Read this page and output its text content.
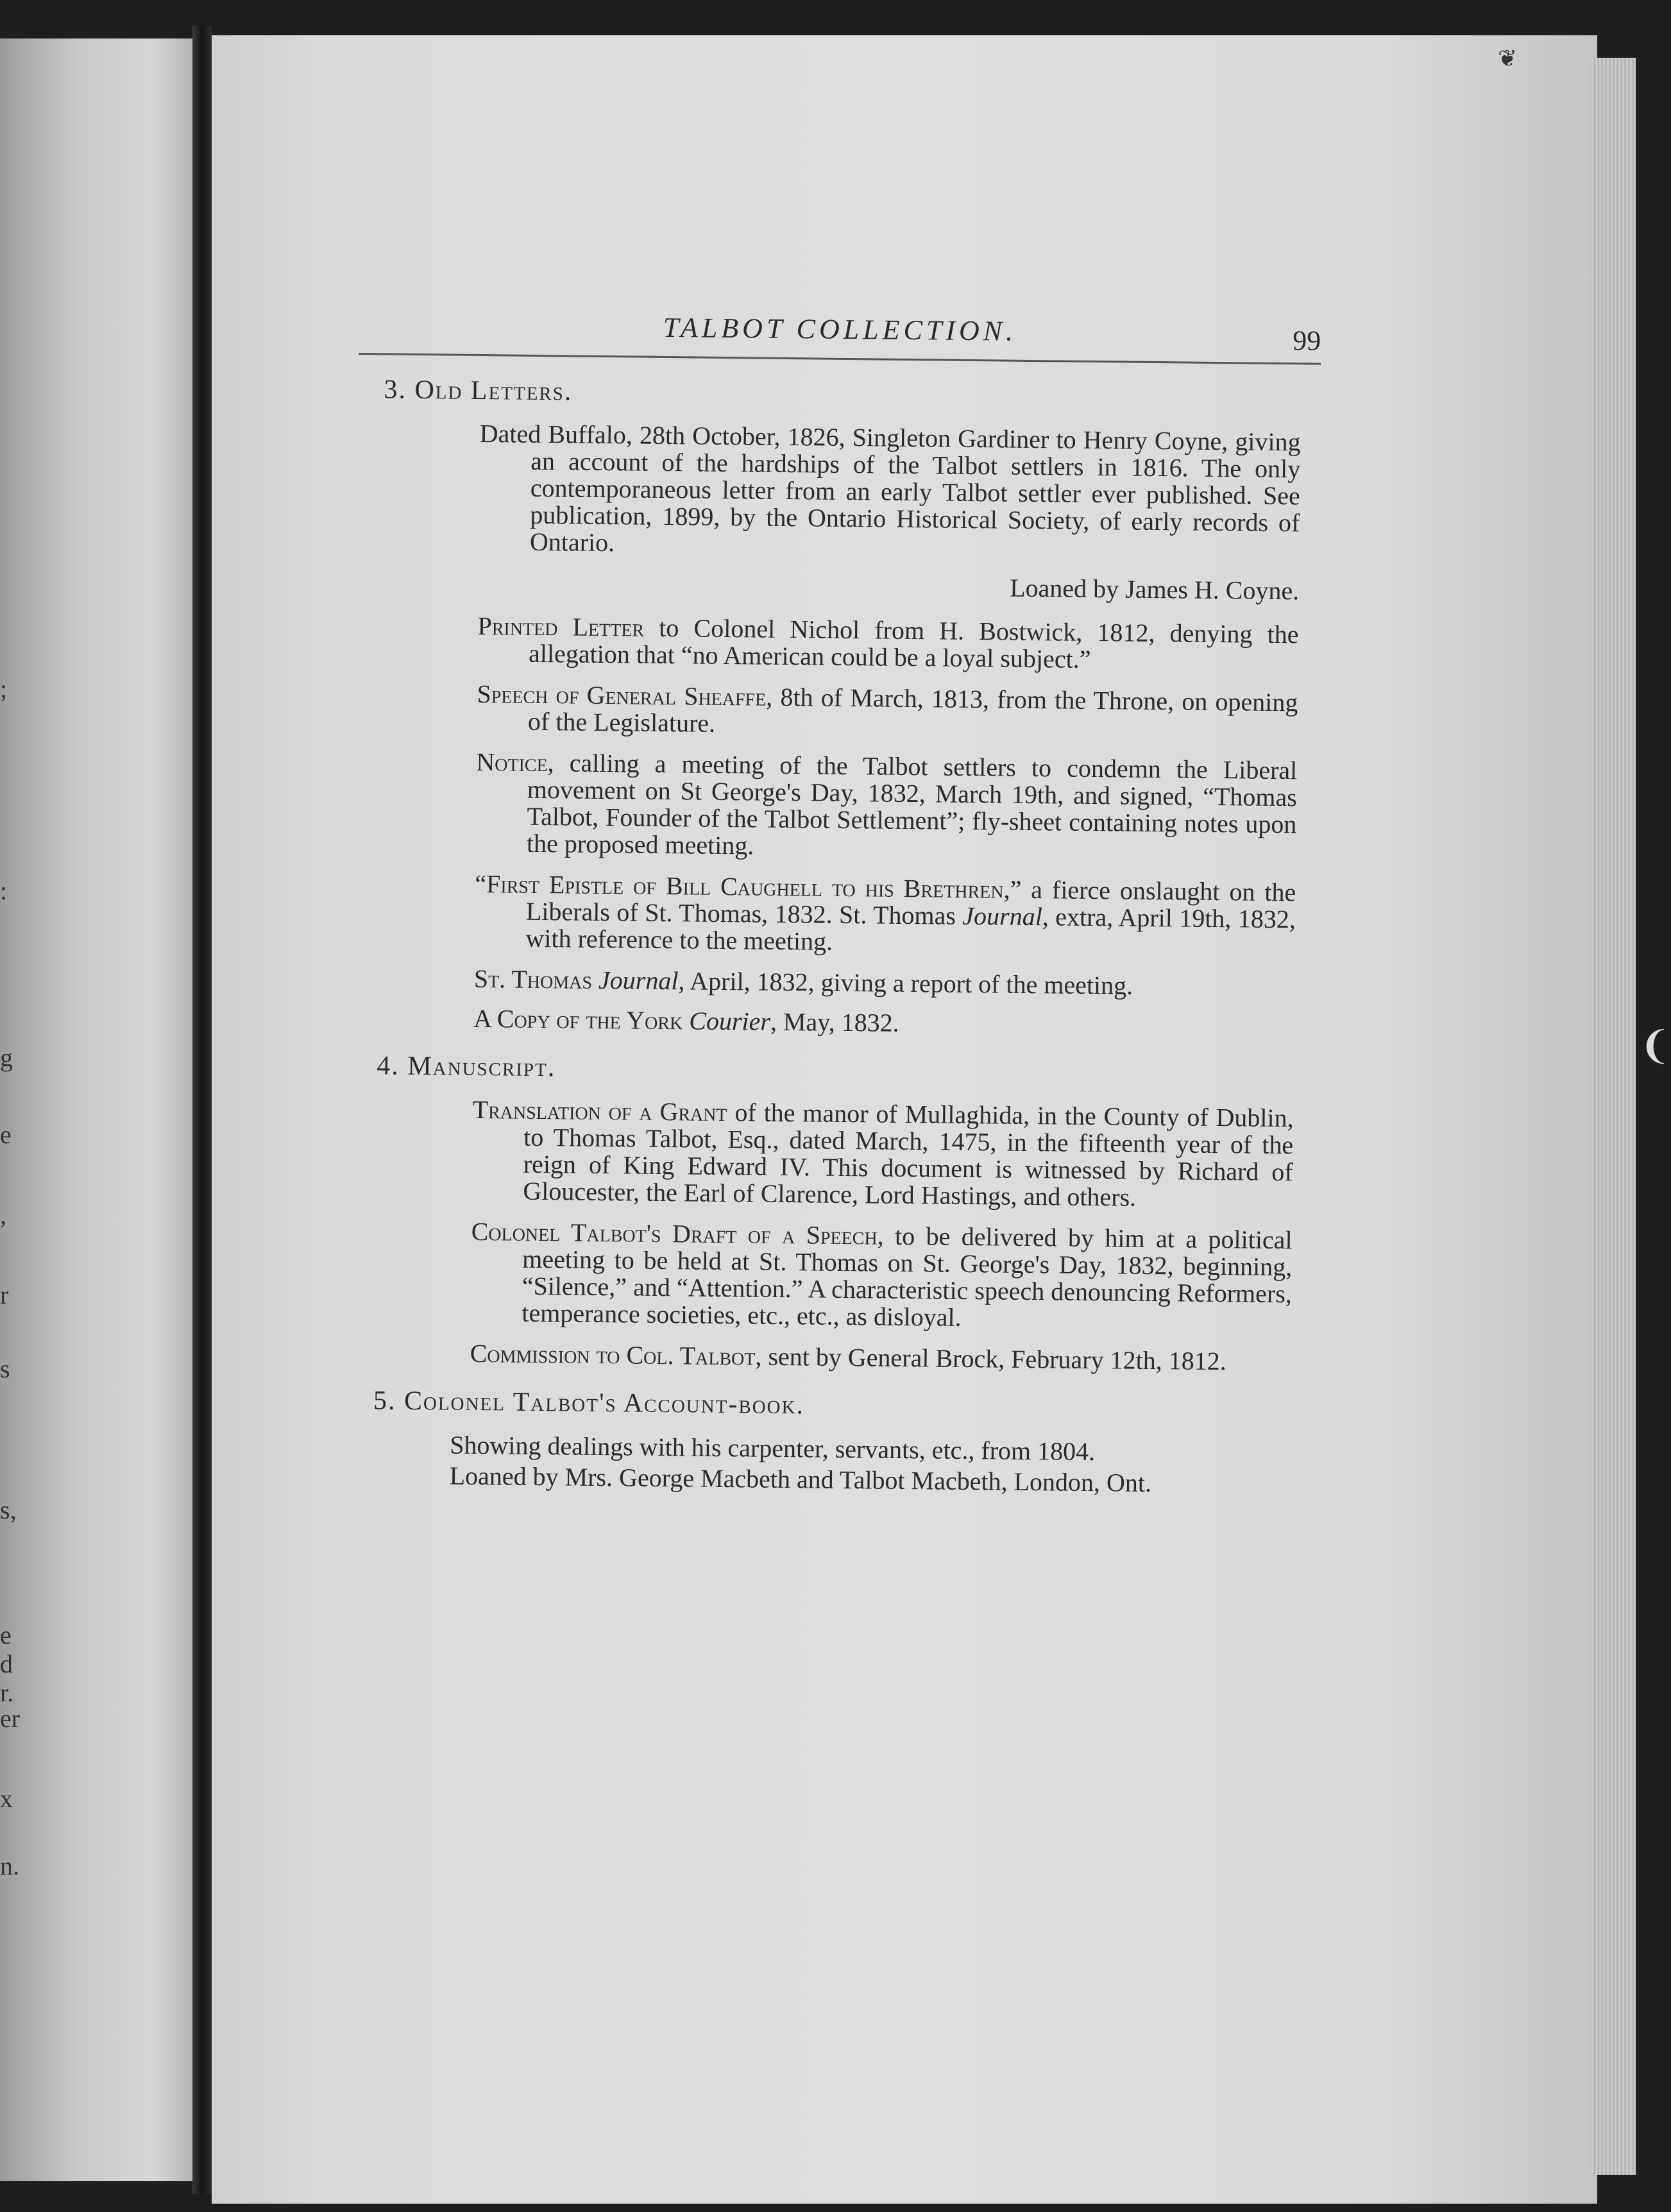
;
:
g
e
,
r
s
s,
e
d
r.
er
x
n.
❦
❨
TALBOT COLLECTION.	99
3. Old Letters.
Dated Buffalo, 28th October, 1826, Singleton Gardiner to Henry Coyne, giving an account of the hardships of the Talbot settlers in 1816. The only contemporaneous letter from an early Talbot settler ever published. See publication, 1899, by the Ontario Historical Society, of early records of Ontario.
Loaned by James H. Coyne.
Printed Letter to Colonel Nichol from H. Bostwick, 1812, denying the allegation that “no American could be a loyal subject.”
Speech of General Sheaffe, 8th of March, 1813, from the Throne, on opening of the Legislature.
Notice, calling a meeting of the Talbot settlers to condemn the Liberal movement on St George's Day, 1832, March 19th, and signed, “Thomas Talbot, Founder of the Talbot Settlement”; fly-sheet containing notes upon the proposed meeting.
“First Epistle of Bill Caughell to his Brethren,” a fierce onslaught on the Liberals of St. Thomas, 1832. St. Thomas Journal, extra, April 19th, 1832, with reference to the meeting.
St. Thomas Journal, April, 1832, giving a report of the meeting.
A Copy of the York Courier, May, 1832.
4. Manuscript.
Translation of a Grant of the manor of Mullaghida, in the County of Dublin, to Thomas Talbot, Esq., dated March, 1475, in the fifteenth year of the reign of King Edward IV. This document is witnessed by Richard of Gloucester, the Earl of Clarence, Lord Hastings, and others.
Colonel Talbot's Draft of a Speech, to be delivered by him at a political meeting to be held at St. Thomas on St. George's Day, 1832, beginning, “Silence,” and “Attention.” A characteristic speech denouncing Reformers, temperance societies, etc., etc., as disloyal.
Commission to Col. Talbot, sent by General Brock, February 12th, 1812.
5. Colonel Talbot's Account-book.
Showing dealings with his carpenter, servants, etc., from 1804.
Loaned by Mrs. George Macbeth and Talbot Macbeth, London, Ont.
